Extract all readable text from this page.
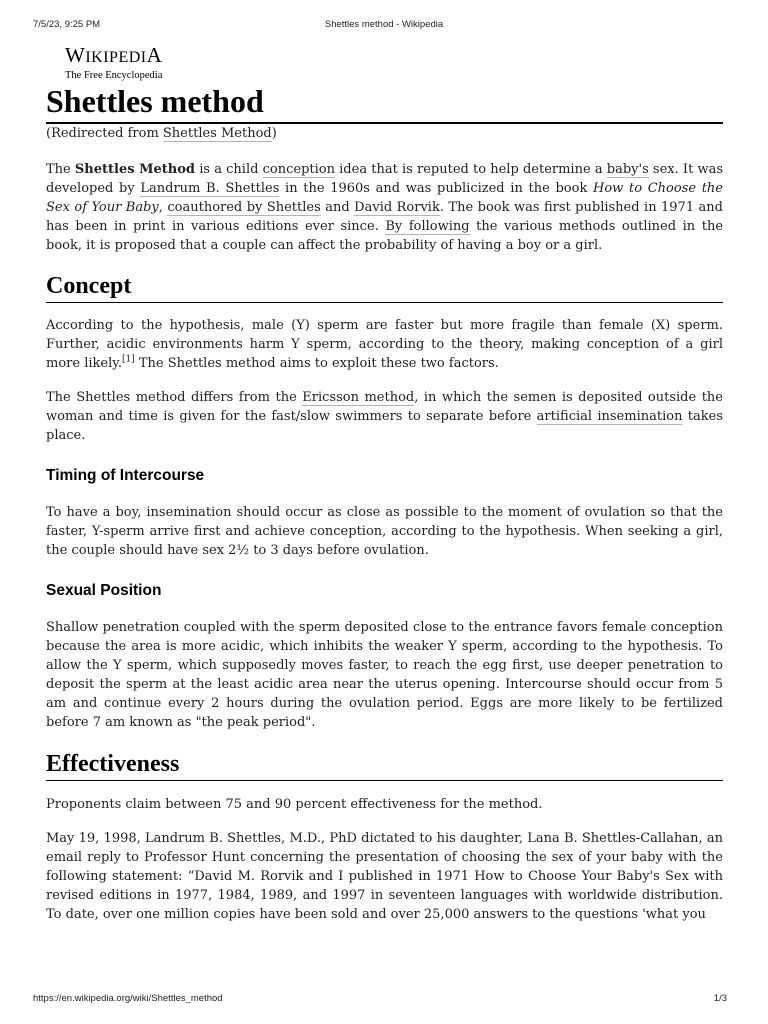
7/5/23, 9:25 PM	Shettles method - Wikipedia
WIKIPEDIA
The Free Encyclopedia
Shettles method
(Redirected from Shettles Method)

The Shettles Method is a child conception idea that is reputed to help determine a baby's sex. It was developed by Landrum B. Shettles in the 1960s and was publicized in the book How to Choose the Sex of Your Baby, coauthored by Shettles and David Rorvik. The book was first published in 1971 and has been in print in various editions ever since. By following the various methods outlined in the book, it is proposed that a couple can affect the probability of having a boy or a girl.

Concept

According to the hypothesis, male (Y) sperm are faster but more fragile than female (X) sperm. Further, acidic environments harm Y sperm, according to the theory, making conception of a girl more likely.[1] The Shettles method aims to exploit these two factors.

The Shettles method differs from the Ericsson method, in which the semen is deposited outside the woman and time is given for the fast/slow swimmers to separate before artificial insemination takes place.

Timing of Intercourse

To have a boy, insemination should occur as close as possible to the moment of ovulation so that the faster, Y-sperm arrive first and achieve conception, according to the hypothesis. When seeking a girl, the couple should have sex 2½ to 3 days before ovulation.

Sexual Position

Shallow penetration coupled with the sperm deposited close to the entrance favors female conception because the area is more acidic, which inhibits the weaker Y sperm, according to the hypothesis. To allow the Y sperm, which supposedly moves faster, to reach the egg first, use deeper penetration to deposit the sperm at the least acidic area near the uterus opening. Intercourse should occur from 5 am and continue every 2 hours during the ovulation period. Eggs are more likely to be fertilized before 7 am known as "the peak period".

Effectiveness

Proponents claim between 75 and 90 percent effectiveness for the method.

May 19, 1998, Landrum B. Shettles, M.D., PhD dictated to his daughter, Lana B. Shettles-Callahan, an email reply to Professor Hunt concerning the presentation of choosing the sex of your baby with the following statement: “David M. Rorvik and I published in 1971 How to Choose Your Baby's Sex with revised editions in 1977, 1984, 1989, and 1997 in seventeen languages with worldwide distribution. To date, over one million copies have been sold and over 25,000 answers to the questions 'what you

https://en.wikipedia.org/wiki/Shettles_method	1/3
